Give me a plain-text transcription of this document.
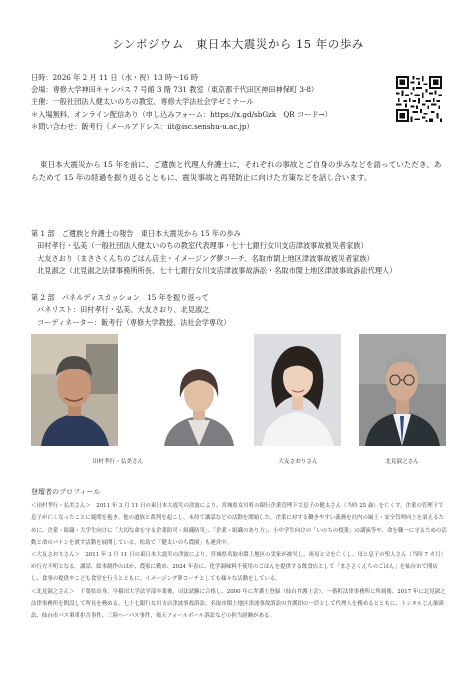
シンポジウム　東日本大震災から 15 年の歩み
日時：2026 年 2 月 11 日（水・祝）13 時～16 時
会場：専修大学神田キャンパス 7 号館 3 階 731 教室（東京都千代田区神田神保町 3-8）
主催：一般社団法人健太いのちの教室、専修大学法社会学ゼミナール
＊入場無料、オンライン配信あり（申し込みフォーム：https://x.gd/sbGzk　QR コード→）
＊問い合わせ：飯考行（メールアドレス：iit@isc.senshu-u.ac.jp）

東日本大震災から 15 年を前に、ご遺族と代理人弁護士に、それぞれの事故とご自身の歩みなどを語っていただき、あらためて 15 年の経過を振り返るとともに、震災事故と再発防止に向けた方策などを話し合います。

第 1 部　ご遺族と弁護士の報告　東日本大震災から 15 年の歩み
田村孝行・弘美（一般社団法人健太いのちの教室代表理事・七十七銀行女川支店津波事故被災者家族）
大友さおり（まささくんちのごはん店主・イメージング夢コーチ、名取市閖上地区津波事故被災者家族）
北見淑之（北見淑之法律事務所所長、七十七銀行女川支店津波事故訴訟・名取市閖上地区津波事故訴訟代理人）
第 2 部　パネルディスカッション　15 年を振り返って
パネリスト：田村孝行・弘美、大友さおり、北見淑之
コーディネーター：飯考行（専修大学教授、法社会学専攻）
田村孝行・弘美さん	大友さおりさん	北見淑之さん
登壇者のプロフィール

＜田村孝行・弘美さん＞　2011 年 3 月 11 日の東日本大震災の津波により、宮城県女川町の銀行企業管理下で息子の健太さん（当時 25 歳）を亡くす。企業の管理下で息子が亡くなったことに疑問を抱き、他の遺族と裁判を起こし、未持て講話などの活動を開始した。企業に対する働きやすい義務を社内の風土・安全管理向上を訴えるために、企業・組織・大学生向けに「大切な命を守る企業防災・組織防災」、「企業・組織のあり方」、小中学生向けの「いのちの授業」の講演等や、命を職一に守るための活動と命のバトンを渡す活動を展開している。松島で「健太いのち農園」も運営中。

＜大友さおりさん＞　2011 年 3 月 11 日の東日本大震災の津波により、宮城県名取市閖上地区の実家が被災し、祖母と父を亡くし、母と息子の聖人さん（当時 7 カ月）が行方不明となる。講話、絵本制作のほか、農家に勤め、2024 年春に、化学調味料不使用のごはんを提供する飲食店として「まささくんちのごはん」を仙台市で開店し、食事の提供やこども食堂を行うとともに、イメージング夢コーチとしても様々な活動をしている。

＜北見淑之さん＞　千葉県出身、早稲田大学法学部卒業後、司法試験に合格し、2000 年に弁護士登録（仙台弁護士会）。一番町法律事務所に所属後、2017 年に北見淑之法律事務所を開設して所長を務める。七十七銀行女川支店津波事故訴訟、名取市閖上地区津波事故訴訟の弁護団の一員として代理人を務めるとともに、トンネルじん肺訴訟、仙台市バス乗車拒否事件、三陸ヘーパス事件、楽天フォールボール訴訟などの担当経験がある。
